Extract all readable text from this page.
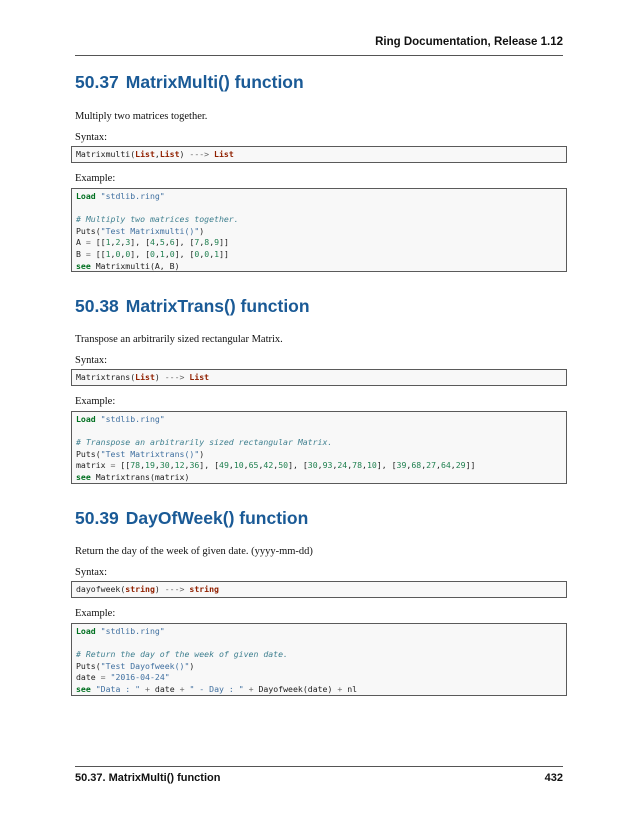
Ring Documentation, Release 1.12
50.37 MatrixMulti() function
Multiply two matrices together.
Syntax:
Matrixmulti(List,List) ---> List
Example:
Load "stdlib.ring"

# Multiply two matrices together.
Puts("Test Matrixmulti()")
A = [[1,2,3], [4,5,6], [7,8,9]]
B = [[1,0,0], [0,1,0], [0,0,1]]
see Matrixmulti(A, B)
50.38 MatrixTrans() function
Transpose an arbitrarily sized rectangular Matrix.
Syntax:
Matrixtrans(List) ---> List
Example:
Load "stdlib.ring"

# Transpose an arbitrarily sized rectangular Matrix.
Puts("Test Matrixtrans()")
matrix = [[78,19,30,12,36], [49,10,65,42,50], [30,93,24,78,10], [39,68,27,64,29]]
see Matrixtrans(matrix)
50.39 DayOfWeek() function
Return the day of the week of given date. (yyyy-mm-dd)
Syntax:
dayofweek(string) ---> string
Example:
Load "stdlib.ring"

# Return the day of the week of given date.
Puts("Test Dayofweek()")
date = "2016-04-24"
see "Data : " + date + " - Day : " + Dayofweek(date) + nl
50.37. MatrixMulti() function	432
